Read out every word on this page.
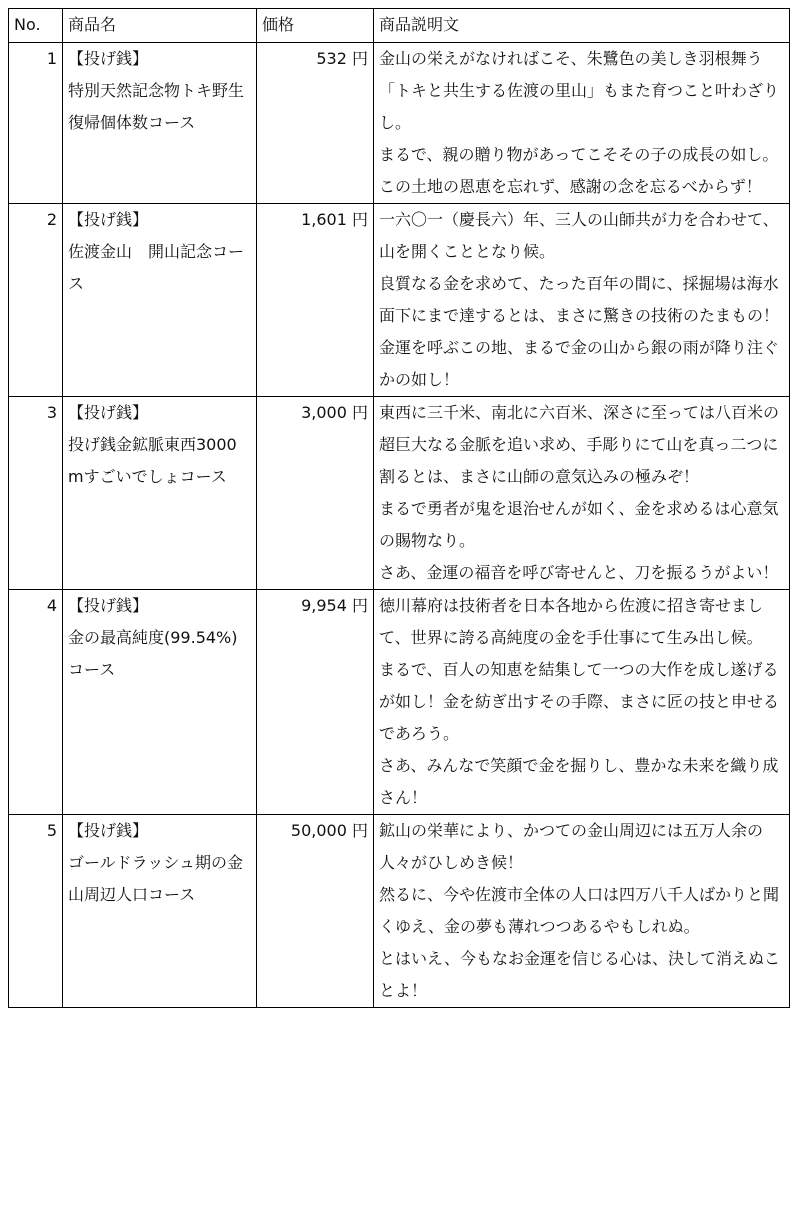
No.	商品名	価格	商品説明文
1	【投げ銭】
特別天然記念物トキ野生復帰個体数コース	532 円	金山の栄えがなければこそ、朱鷺色の美しき羽根舞う「トキと共生する佐渡の里山」もまた育つこと叶わざりし。
まるで、親の贈り物があってこそその子の成長の如し。
この土地の恩恵を忘れず、感謝の念を忘るべからず！

2	【投げ銭】
佐渡金山　開山記念コース	1,601 円	一六〇一（慶長六）年、三人の山師共が力を合わせて、山を開くこととなり候。
良質なる金を求めて、たった百年の間に、採掘場は海水面下にまで達するとは、まさに驚きの技術のたまもの！
金運を呼ぶこの地、まるで金の山から銀の雨が降り注ぐかの如し！

3	【投げ銭】
投げ銭金鉱脈東西3000mすごいでしょコース	3,000 円	東西に三千米、南北に六百米、深さに至っては八百米の超巨大なる金脈を追い求め、手彫りにて山を真っ二つに割るとは、まさに山師の意気込みの極みぞ！
まるで勇者が鬼を退治せんが如く、金を求めるは心意気の賜物なり。
さあ、金運の福音を呼び寄せんと、刀を振るうがよい！

4	【投げ銭】
金の最高純度(99.54%)コース	9,954 円	徳川幕府は技術者を日本各地から佐渡に招き寄せまして、世界に誇る高純度の金を手仕事にて生み出し候。
まるで、百人の知恵を結集して一つの大作を成し遂げるが如し！金を紡ぎ出すその手際、まさに匠の技と申せるであろう。
さあ、みんなで笑顔で金を掘りし、豊かな未来を織り成さん！

5	【投げ銭】
ゴールドラッシュ期の金山周辺人口コース	50,000 円	鉱山の栄華により、かつての金山周辺には五万人余の人々がひしめき候！
然るに、今や佐渡市全体の人口は四万八千人ばかりと聞くゆえ、金の夢も薄れつつあるやもしれぬ。
とはいえ、今もなお金運を信じる心は、決して消えぬことよ！
